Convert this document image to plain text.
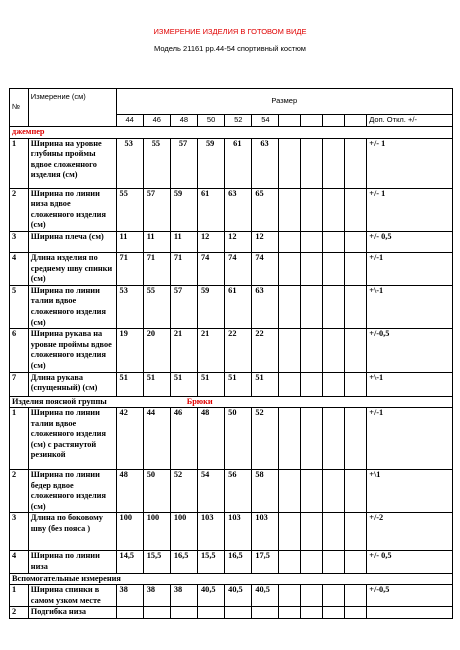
ИЗМЕРЕНИЕ ИЗДЕЛИЯ В ГОТОВОМ ВИДЕ
Модель 21161 рр.44-54 спортивный костюм
№	Измерение (см)	Размер										
		44	46	48	50	52	54					Доп. Откл. +/-
джемпер												
1	Ширина на уровне глубины проймы вдвое сложенного изделия (см)	53	55	57	59	61	63					+/- 1
2	Ширина по линии низа вдвое сложенного изделия (см)	55	57	59	61	63	65					+/- 1
3	Ширина плеча (см)	11	11	11	12	12	12					+/- 0,5
4	Длина изделия по среднему шву спинки (см)	71	71	71	74	74	74					+/-1
5	Ширина по линии талии вдвое сложенного изделия (см)	53	55	57	59	61	63					+\-1
6	Ширина рукава на уровне проймы вдвое сложенного изделия (см)	19	20	21	21	22	22					+/-0,5
7	Длина рукава (спущенный) (см)	51	51	51	51	51	51					+\-1
Изделия поясной группы Брюки												
1	Ширина по линии талии вдвое сложенного изделия (см) с растянутой резинкой	42	44	46	48	50	52					+/-1
2	Ширина по линии бедер вдвое сложенного изделия (см)	48	50	52	54	56	58					+\1
3	Длина по боковому шву (без пояса )	100	100	100	103	103	103					+/-2
4	Ширина по линии низа	14,5	15,5	16,5	15,5	16,5	17,5					+/- 0,5
Вспомогательные измерения												
1	Ширина спинки в самом узком месте	38	38	38	40,5	40,5	40,5					+/-0,5
2	Подгибка низа											
